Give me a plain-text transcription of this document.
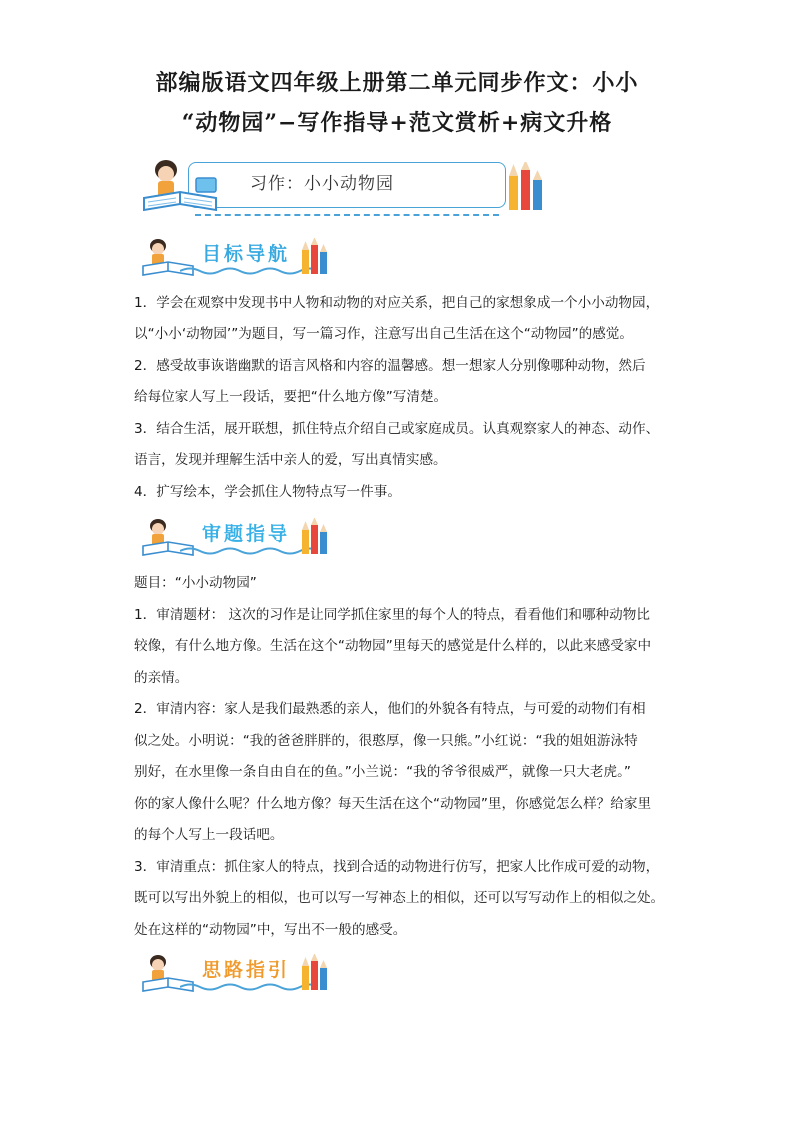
部编版语文四年级上册第二单元同步作文：小小
“动物园”−写作指导+范文赏析+病文升格
习作：小小动物园
目标导航
1．学会在观察中发现书中人物和动物的对应关系，把自己的家想象成一个小小动物园，
以“小小‘动物园’”为题目，写一篇习作，注意写出自己生活在这个“动物园”的感觉。
2．感受故事诙谐幽默的语言风格和内容的温馨感。想一想家人分别像哪种动物，然后
给每位家人写上一段话，要把“什么地方像”写清楚。
3．结合生活，展开联想，抓住特点介绍自己或家庭成员。认真观察家人的神态、动作、
语言，发现并理解生活中亲人的爱，写出真情实感。
4．扩写绘本，学会抓住人物特点写一件事。
审题指导
题目：“小小动物园”
1．审清题材： 这次的习作是让同学抓住家里的每个人的特点，看看他们和哪种动物比
较像，有什么地方像。生活在这个“动物园”里每天的感觉是什么样的，以此来感受家中
的亲情。
2．审清内容：家人是我们最熟悉的亲人，他们的外貌各有特点，与可爱的动物们有相
似之处。小明说：“我的爸爸胖胖的，很憨厚，像一只熊。”小红说：“我的姐姐游泳特
别好，在水里像一条自由自在的鱼。”小兰说：“我的爷爷很威严，就像一只大老虎。”
你的家人像什么呢？什么地方像？每天生活在这个“动物园”里，你感觉怎么样？给家里
的每个人写上一段话吧。
3．审清重点：抓住家人的特点，找到合适的动物进行仿写，把家人比作成可爱的动物，
既可以写出外貌上的相似，也可以写一写神态上的相似，还可以写写动作上的相似之处。
处在这样的“动物园”中，写出不一般的感受。
思路指引
